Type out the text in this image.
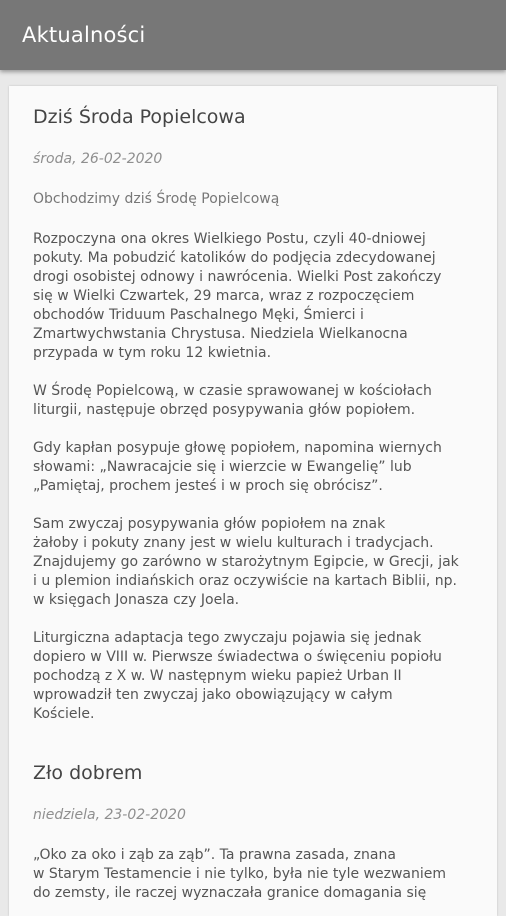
Aktualności
Dziś Środa Popielcowa
środa, 26-02-2020
Obchodzimy dziś Środę Popielcową

Rozpoczyna ona okres Wielkiego Postu, czyli 40-dniowej
pokuty. Ma pobudzić katolików do podjęcia zdecydowanej
drogi osobistej odnowy i nawrócenia. Wielki Post zakończy
się w Wielki Czwartek, 29 marca, wraz z rozpoczęciem
obchodów Triduum Paschalnego Męki, Śmierci i
Zmartwychwstania Chrystusa. Niedziela Wielkanocna
przypada w tym roku 12 kwietnia.

W Środę Popielcową, w czasie sprawowanej w kościołach
liturgii, następuje obrzęd posypywania głów popiołem.

Gdy kapłan posypuje głowę popiołem, napomina wiernych
słowami: „Nawracajcie się i wierzcie w Ewangelię” lub
„Pamiętaj, prochem jesteś i w proch się obrócisz”.

Sam zwyczaj posypywania głów popiołem na znak
żałoby i pokuty znany jest w wielu kulturach i tradycjach.
Znajdujemy go zarówno w starożytnym Egipcie, w Grecji, jak
i u plemion indiańskich oraz oczywiście na kartach Biblii, np.
w księgach Jonasza czy Joela.

Liturgiczna adaptacja tego zwyczaju pojawia się jednak
dopiero w VIII w. Pierwsze świadectwa o święceniu popiołu
pochodzą z X w. W następnym wieku papież Urban II
wprowadził ten zwyczaj jako obowiązujący w całym
Kościele.

Zło dobrem
niedziela, 23-02-2020

„Oko za oko i ząb za ząb”. Ta prawna zasada, znana
w Starym Testamencie i nie tylko, była nie tyle wezwaniem
do zemsty, ile raczej wyznaczała granice domagania się
